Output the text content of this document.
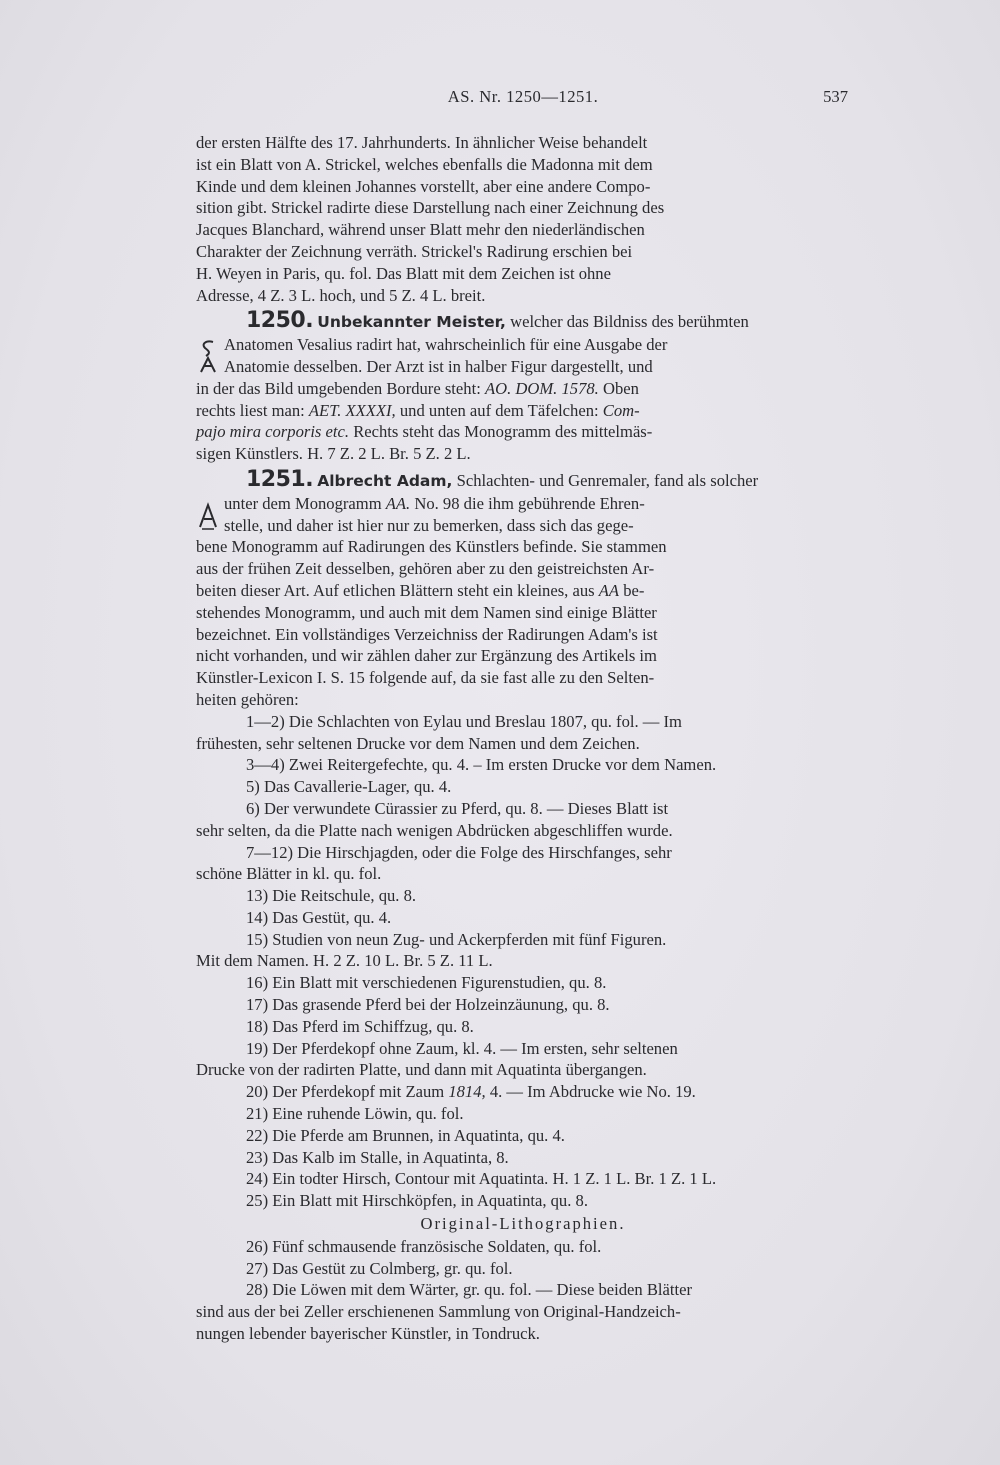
AS. Nr. 1250—1251.	537

der ersten Hälfte des 17. Jahrhunderts. In ähnlicher Weise behandelt

ist ein Blatt von A. Strickel, welches ebenfalls die Madonna mit dem

Kinde und dem kleinen Johannes vorstellt, aber eine andere Compo-

sition gibt. Strickel radirte diese Darstellung nach einer Zeichnung des

Jacques Blanchard, während unser Blatt mehr den niederländischen

Charakter der Zeichnung verräth. Strickel's Radirung erschien bei

H. Weyen in Paris, qu. fol. Das Blatt mit dem Zeichen ist ohne

Adresse, 4 Z. 3 L. hoch, und 5 Z. 4 L. breit.

1250. Unbekannter Meister, welcher das Bildniss des berühmten

Anatomen Vesalius radirt hat, wahrscheinlich für eine Ausgabe der

Anatomie desselben. Der Arzt ist in halber Figur dargestellt, und

in der das Bild umgebenden Bordure steht: AO. DOM. 1578. Oben

rechts liest man: AET. XXXXI, und unten auf dem Täfelchen: Com-

pajo mira corporis etc. Rechts steht das Monogramm des mittelmäs-

sigen Künstlers. H. 7 Z. 2 L. Br. 5 Z. 2 L.

1251. Albrecht Adam, Schlachten- und Genremaler, fand als solcher

unter dem Monogramm AA. No. 98 die ihm gebührende Ehren-

stelle, und daher ist hier nur zu bemerken, dass sich das gege-

bene Monogramm auf Radirungen des Künstlers befinde. Sie stammen

aus der frühen Zeit desselben, gehören aber zu den geistreichsten Ar-

beiten dieser Art. Auf etlichen Blättern steht ein kleines, aus AA be-

stehendes Monogramm, und auch mit dem Namen sind einige Blätter

bezeichnet. Ein vollständiges Verzeichniss der Radirungen Adam's ist

nicht vorhanden, und wir zählen daher zur Ergänzung des Artikels im

Künstler-Lexicon I. S. 15 folgende auf, da sie fast alle zu den Selten-

heiten gehören:

1—2) Die Schlachten von Eylau und Breslau 1807, qu. fol. — Im

frühesten, sehr seltenen Drucke vor dem Namen und dem Zeichen.

3—4) Zwei Reitergefechte, qu. 4. – Im ersten Drucke vor dem Namen.

5) Das Cavallerie-Lager, qu. 4.

6) Der verwundete Cürassier zu Pferd, qu. 8. — Dieses Blatt ist

sehr selten, da die Platte nach wenigen Abdrücken abgeschliffen wurde.

7—12) Die Hirschjagden, oder die Folge des Hirschfanges, sehr

schöne Blätter in kl. qu. fol.

13) Die Reitschule, qu. 8.

14) Das Gestüt, qu. 4.

15) Studien von neun Zug- und Ackerpferden mit fünf Figuren.

Mit dem Namen. H. 2 Z. 10 L. Br. 5 Z. 11 L.

16) Ein Blatt mit verschiedenen Figurenstudien, qu. 8.

17) Das grasende Pferd bei der Holzeinzäunung, qu. 8.

18) Das Pferd im Schiffzug, qu. 8.

19) Der Pferdekopf ohne Zaum, kl. 4. — Im ersten, sehr seltenen

Drucke von der radirten Platte, und dann mit Aquatinta übergangen.

20) Der Pferdekopf mit Zaum 1814, 4. — Im Abdrucke wie No. 19.

21) Eine ruhende Löwin, qu. fol.

22) Die Pferde am Brunnen, in Aquatinta, qu. 4.

23) Das Kalb im Stalle, in Aquatinta, 8.

24) Ein todter Hirsch, Contour mit Aquatinta. H. 1 Z. 1 L. Br. 1 Z. 1 L.

25) Ein Blatt mit Hirschköpfen, in Aquatinta, qu. 8.

Original-Lithographien.

26) Fünf schmausende französische Soldaten, qu. fol.

27) Das Gestüt zu Colmberg, gr. qu. fol.

28) Die Löwen mit dem Wärter, gr. qu. fol. — Diese beiden Blätter

sind aus der bei Zeller erschienenen Sammlung von Original-Handzeich-

nungen lebender bayerischer Künstler, in Tondruck.
